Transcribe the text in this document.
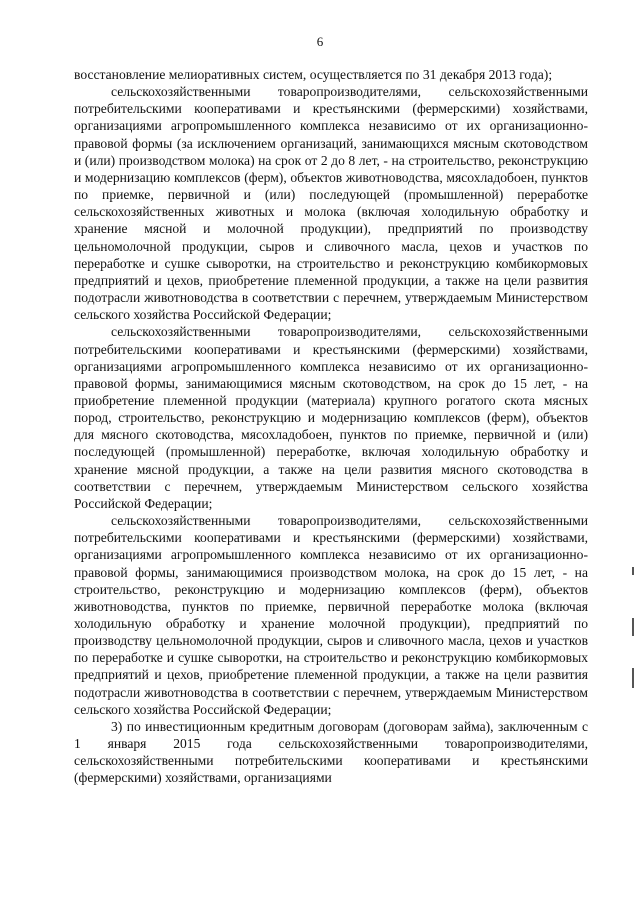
6

восстановление мелиоративных систем, осуществляется по 31 декабря 2013 года);

сельскохозяйственными товаропроизводителями, сельскохозяйственными потребительскими кооперативами и крестьянскими (фермерскими) хозяйствами, организациями агропромышленного комплекса независимо от их организационно-правовой формы (за исключением организаций, занимающихся мясным скотоводством и (или) производством молока) на срок от 2 до 8 лет, - на строительство, реконструкцию и модернизацию комплексов (ферм), объектов животноводства, мясохладобоен, пунктов по приемке, первичной и (или) последующей (промышленной) переработке сельскохозяйственных животных и молока (включая холодильную обработку и хранение мясной и молочной продукции), предприятий по производству цельномолочной продукции, сыров и сливочного масла, цехов и участков по переработке и сушке сыворотки, на строительство и реконструкцию комбикормовых предприятий и цехов, приобретение племенной продукции, а также на цели развития подотрасли животноводства в соответствии с перечнем, утверждаемым Министерством сельского хозяйства Российской Федерации;

сельскохозяйственными товаропроизводителями, сельскохозяйственными потребительскими кооперативами и крестьянскими (фермерскими) хозяйствами, организациями агропромышленного комплекса независимо от их организационно-правовой формы, занимающимися мясным скотоводством, на срок до 15 лет, - на приобретение племенной продукции (материала) крупного рогатого скота мясных пород, строительство, реконструкцию и модернизацию комплексов (ферм), объектов для мясного скотоводства, мясохладобоен, пунктов по приемке, первичной и (или) последующей (промышленной) переработке, включая холодильную обработку и хранение мясной продукции, а также на цели развития мясного скотоводства в соответствии с перечнем, утверждаемым Министерством сельского хозяйства Российской Федерации;

сельскохозяйственными товаропроизводителями, сельскохозяйственными потребительскими кооперативами и крестьянскими (фермерскими) хозяйствами, организациями агропромышленного комплекса независимо от их организационно-правовой формы, занимающимися производством молока, на срок до 15 лет, - на строительство, реконструкцию и модернизацию комплексов (ферм), объектов животноводства, пунктов по приемке, первичной переработке молока (включая холодильную обработку и хранение молочной продукции), предприятий по производству цельномолочной продукции, сыров и сливочного масла, цехов и участков по переработке и сушке сыворотки, на строительство и реконструкцию комбикормовых предприятий и цехов, приобретение племенной продукции, а также на цели развития подотрасли животноводства в соответствии с перечнем, утверждаемым Министерством сельского хозяйства Российской Федерации;

3) по инвестиционным кредитным договорам (договорам займа), заключенным с 1 января 2015 года сельскохозяйственными товаропроизводителями, сельскохозяйственными потребительскими кооперативами и крестьянскими (фермерскими) хозяйствами, организациями
